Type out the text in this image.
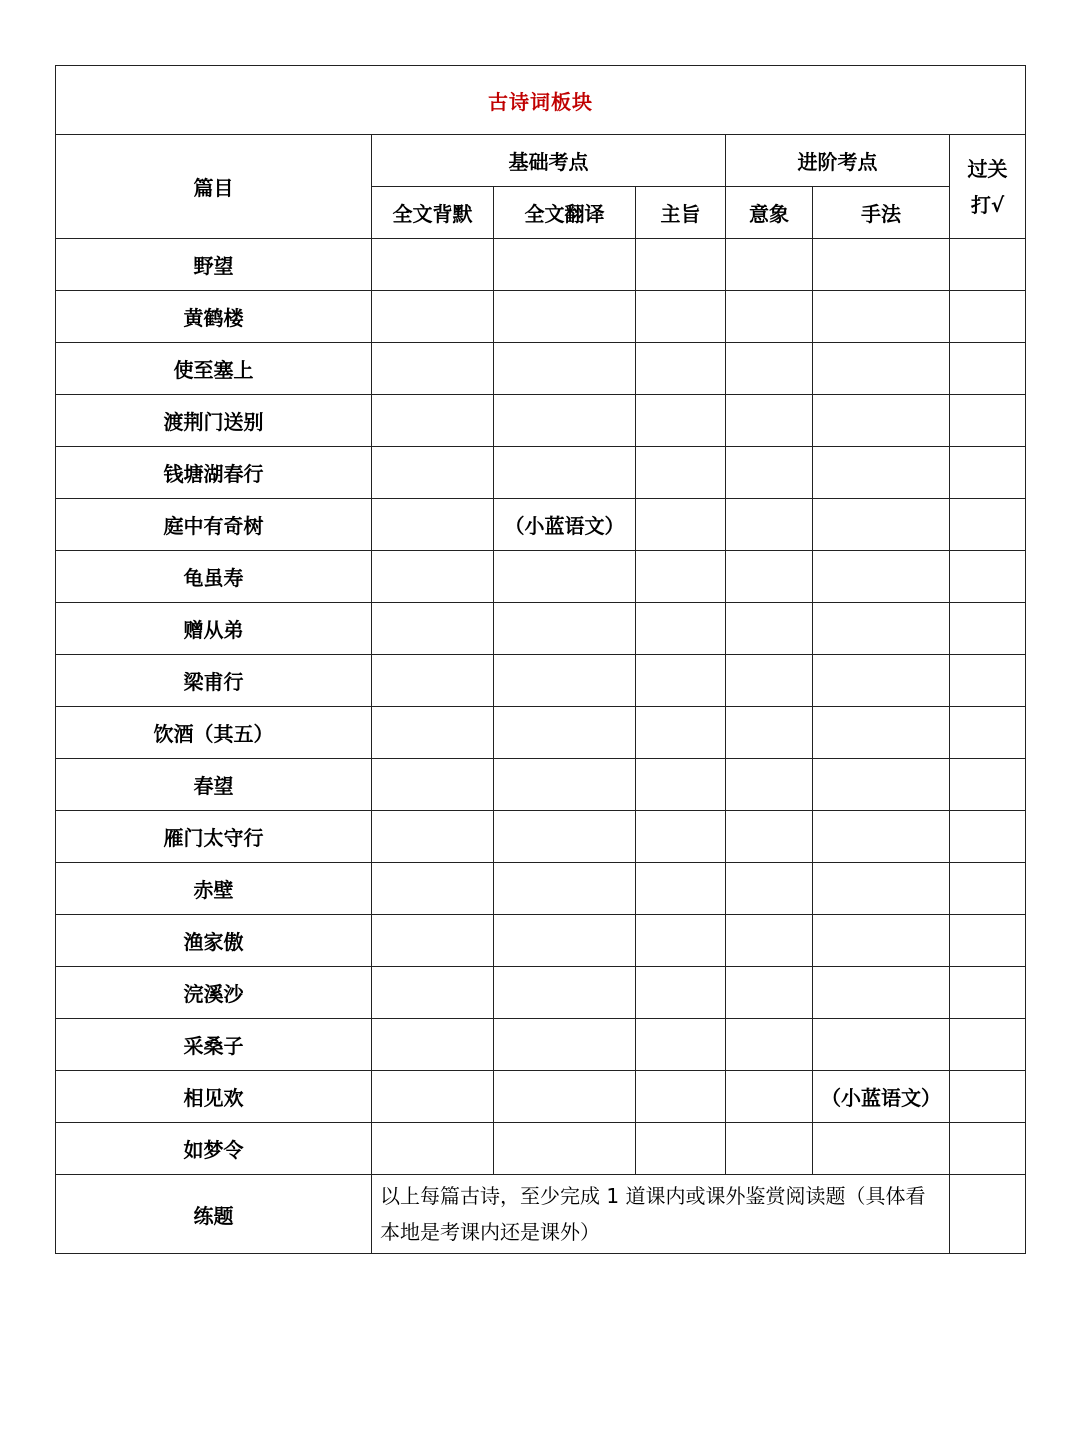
古诗词板块						
篇目	基础考点			进阶考点		过关
打√

	全文背默	全文翻译	主旨	意象	手法	
野望						
黄鹤楼						
使至塞上						
渡荆门送别						
钱塘湖春行						
庭中有奇树		（小蓝语文）				
龟虽寿						
赠从弟						
梁甫行						
饮酒（其五）						
春望						
雁门太守行						
赤壁						
渔家傲						
浣溪沙						
采桑子						
相见欢					（小蓝语文）	
如梦令						
练题	以上每篇古诗，至少完成 1 道课内或课外鉴赏阅读题（具体看本地是考课内还是课外）					
